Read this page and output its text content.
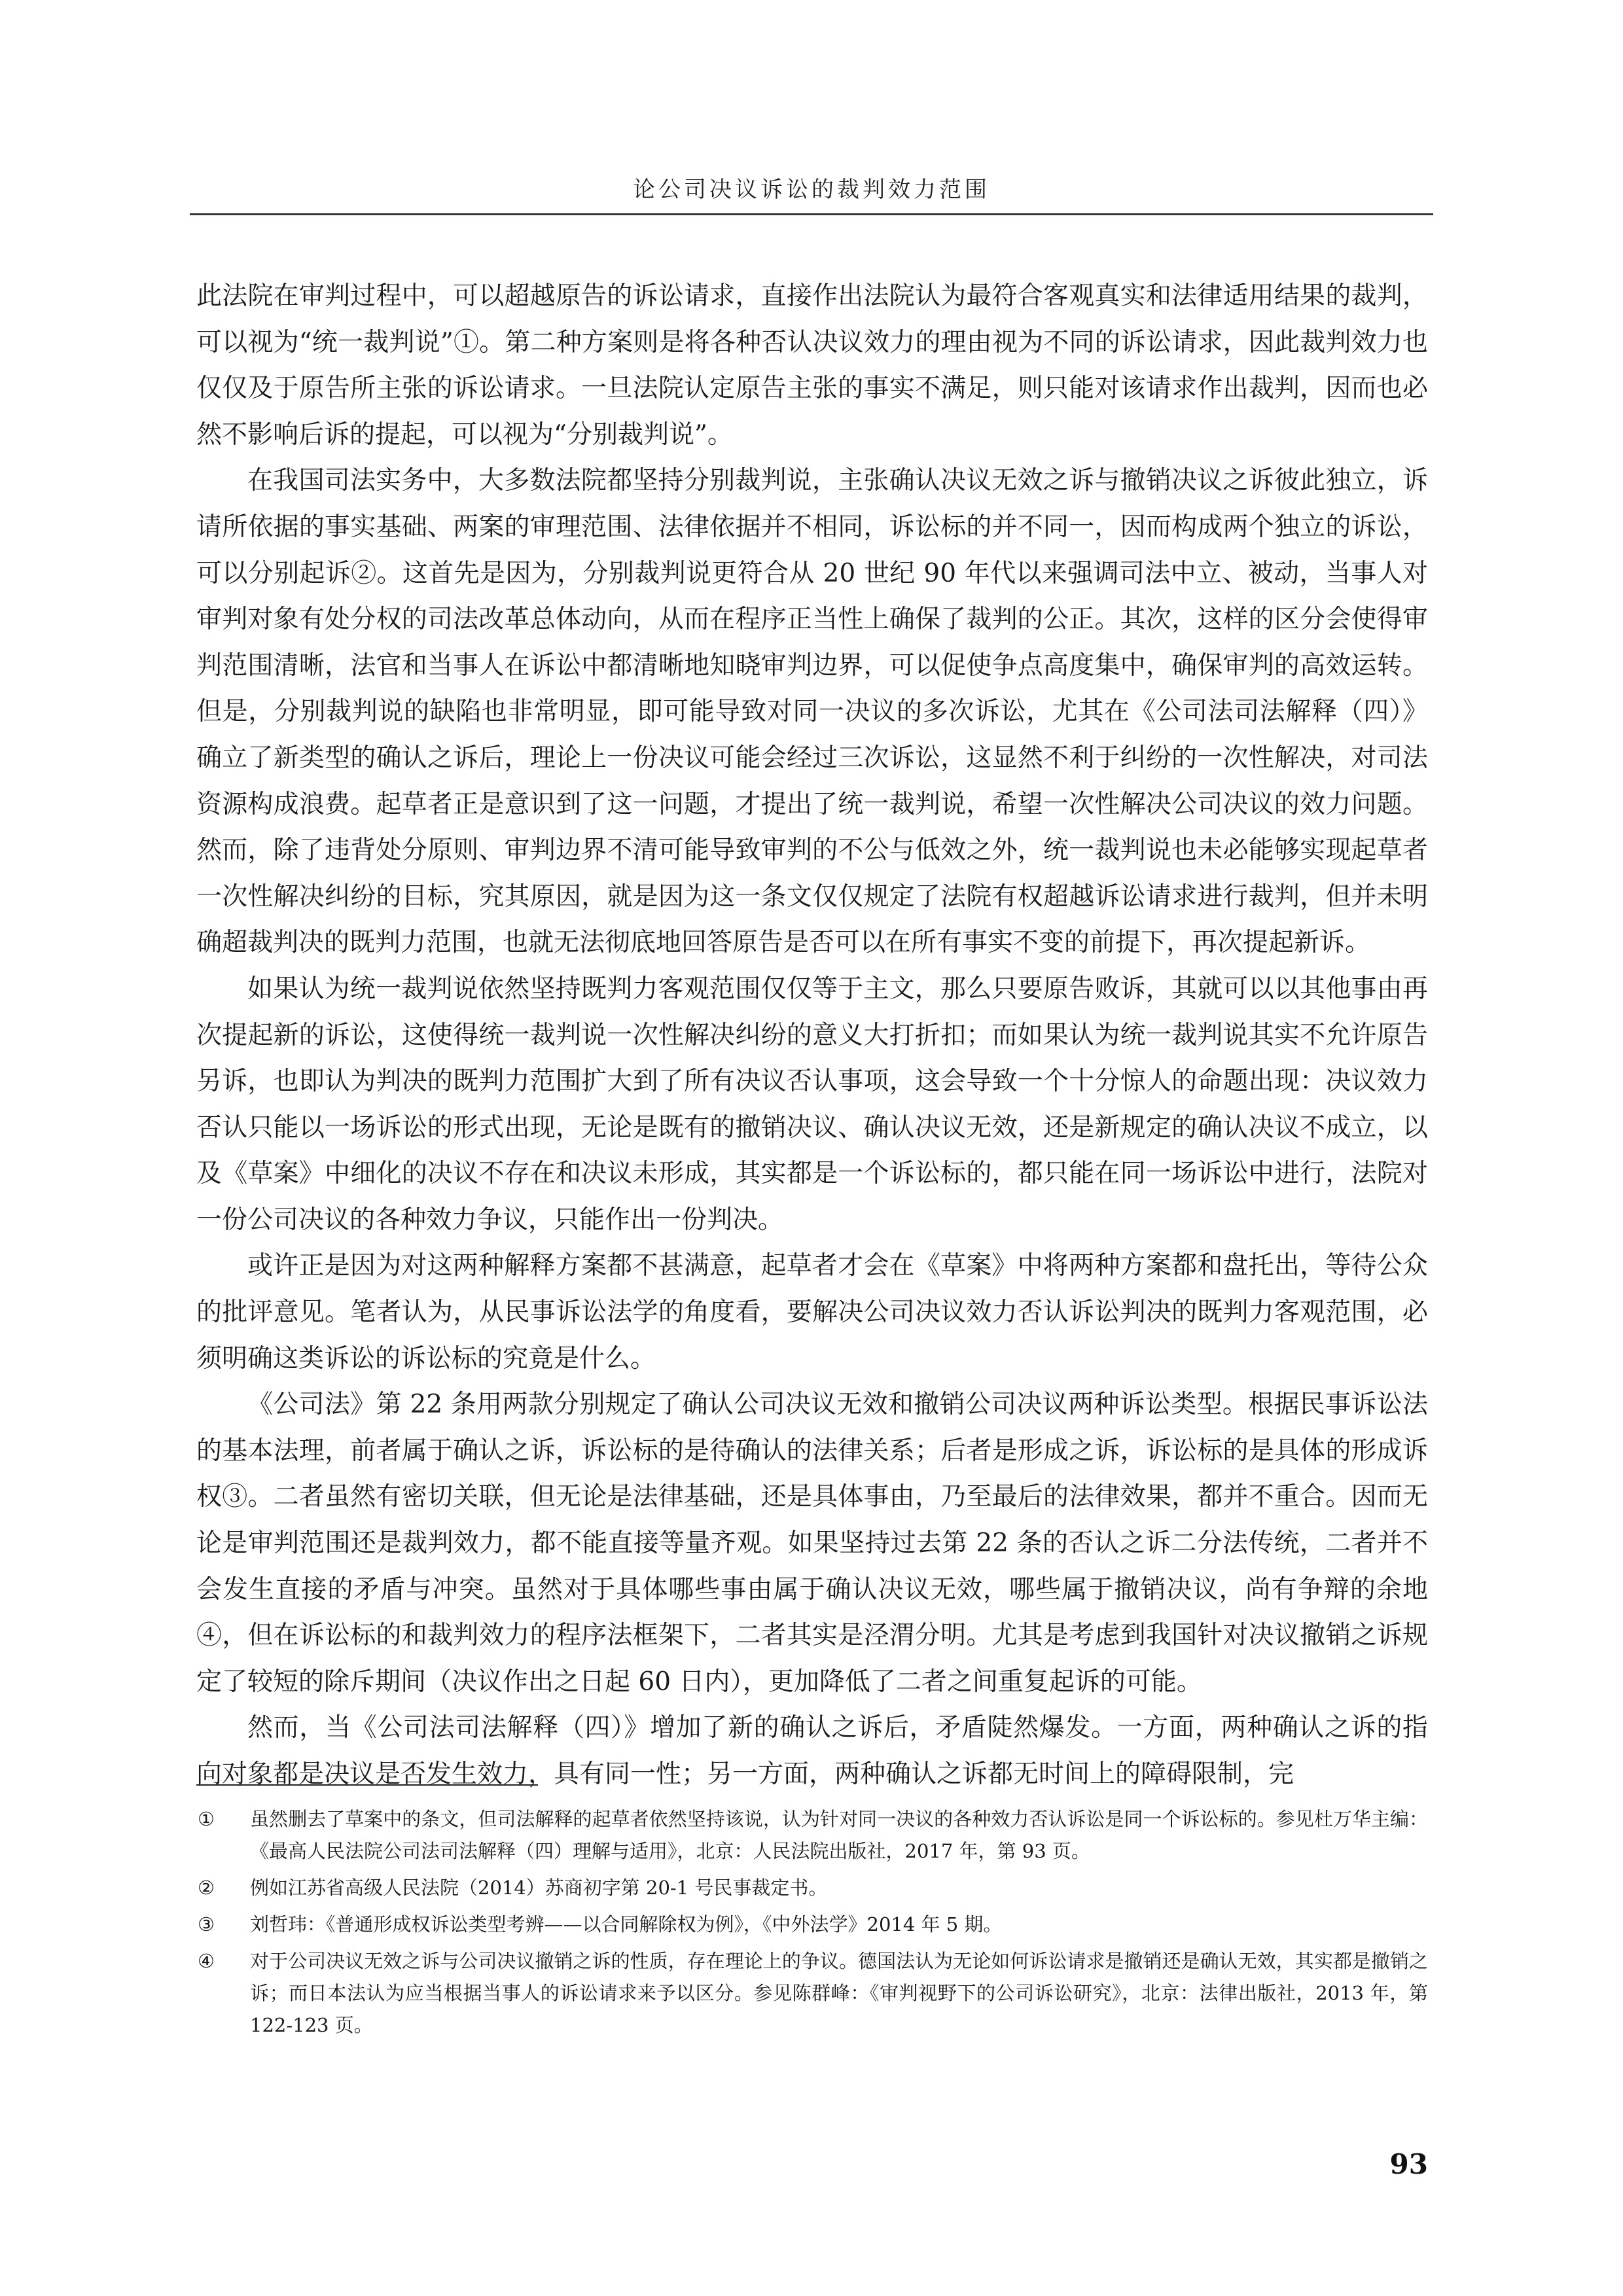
论公司决议诉讼的裁判效力范围

此法院在审判过程中，可以超越原告的诉讼请求，直接作出法院认为最符合客观真实和法律适用结果的裁判，可以视为“统一裁判说”①。第二种方案则是将各种否认决议效力的理由视为不同的诉讼请求，因此裁判效力也仅仅及于原告所主张的诉讼请求。一旦法院认定原告主张的事实不满足，则只能对该请求作出裁判，因而也必然不影响后诉的提起，可以视为“分别裁判说”。

在我国司法实务中，大多数法院都坚持分别裁判说，主张确认决议无效之诉与撤销决议之诉彼此独立，诉请所依据的事实基础、两案的审理范围、法律依据并不相同，诉讼标的并不同一，因而构成两个独立的诉讼，可以分别起诉②。这首先是因为，分别裁判说更符合从 20 世纪 90 年代以来强调司法中立、被动，当事人对审判对象有处分权的司法改革总体动向，从而在程序正当性上确保了裁判的公正。其次，这样的区分会使得审判范围清晰，法官和当事人在诉讼中都清晰地知晓审判边界，可以促使争点高度集中，确保审判的高效运转。但是，分别裁判说的缺陷也非常明显，即可能导致对同一决议的多次诉讼，尤其在《公司法司法解释（四）》确立了新类型的确认之诉后，理论上一份决议可能会经过三次诉讼，这显然不利于纠纷的一次性解决，对司法资源构成浪费。起草者正是意识到了这一问题，才提出了统一裁判说，希望一次性解决公司决议的效力问题。然而，除了违背处分原则、审判边界不清可能导致审判的不公与低效之外，统一裁判说也未必能够实现起草者一次性解决纠纷的目标，究其原因，就是因为这一条文仅仅规定了法院有权超越诉讼请求进行裁判，但并未明确超裁判决的既判力范围，也就无法彻底地回答原告是否可以在所有事实不变的前提下，再次提起新诉。

如果认为统一裁判说依然坚持既判力客观范围仅仅等于主文，那么只要原告败诉，其就可以以其他事由再次提起新的诉讼，这使得统一裁判说一次性解决纠纷的意义大打折扣；而如果认为统一裁判说其实不允许原告另诉，也即认为判决的既判力范围扩大到了所有决议否认事项，这会导致一个十分惊人的命题出现：决议效力否认只能以一场诉讼的形式出现，无论是既有的撤销决议、确认决议无效，还是新规定的确认决议不成立，以及《草案》中细化的决议不存在和决议未形成，其实都是一个诉讼标的，都只能在同一场诉讼中进行，法院对一份公司决议的各种效力争议，只能作出一份判决。

或许正是因为对这两种解释方案都不甚满意，起草者才会在《草案》中将两种方案都和盘托出，等待公众的批评意见。笔者认为，从民事诉讼法学的角度看，要解决公司决议效力否认诉讼判决的既判力客观范围，必须明确这类诉讼的诉讼标的究竟是什么。

《公司法》第 22 条用两款分别规定了确认公司决议无效和撤销公司决议两种诉讼类型。根据民事诉讼法的基本法理，前者属于确认之诉，诉讼标的是待确认的法律关系；后者是形成之诉，诉讼标的是具体的形成诉权③。二者虽然有密切关联，但无论是法律基础，还是具体事由，乃至最后的法律效果，都并不重合。因而无论是审判范围还是裁判效力，都不能直接等量齐观。如果坚持过去第 22 条的否认之诉二分法传统，二者并不会发生直接的矛盾与冲突。虽然对于具体哪些事由属于确认决议无效，哪些属于撤销决议，尚有争辩的余地④，但在诉讼标的和裁判效力的程序法框架下，二者其实是泾渭分明。尤其是考虑到我国针对决议撤销之诉规定了较短的除斥期间（决议作出之日起 60 日内），更加降低了二者之间重复起诉的可能。

然而，当《公司法司法解释（四）》增加了新的确认之诉后，矛盾陡然爆发。一方面，两种确认之诉的指向对象都是决议是否发生效力，具有同一性；另一方面，两种确认之诉都无时间上的障碍限制，完

① 虽然删去了草案中的条文，但司法解释的起草者依然坚持该说，认为针对同一决议的各种效力否认诉讼是同一个诉讼标的。参见杜万华主编：《最高人民法院公司法司法解释（四）理解与适用》，北京：人民法院出版社，2017 年，第 93 页。
② 例如江苏省高级人民法院（2014）苏商初字第 20-1 号民事裁定书。
③ 刘哲玮：《普通形成权诉讼类型考辨——以合同解除权为例》，《中外法学》2014 年 5 期。
④ 对于公司决议无效之诉与公司决议撤销之诉的性质，存在理论上的争议。德国法认为无论如何诉讼请求是撤销还是确认无效，其实都是撤销之诉；而日本法认为应当根据当事人的诉讼请求来予以区分。参见陈群峰：《审判视野下的公司诉讼研究》，北京：法律出版社，2013 年，第 122-123 页。
93
